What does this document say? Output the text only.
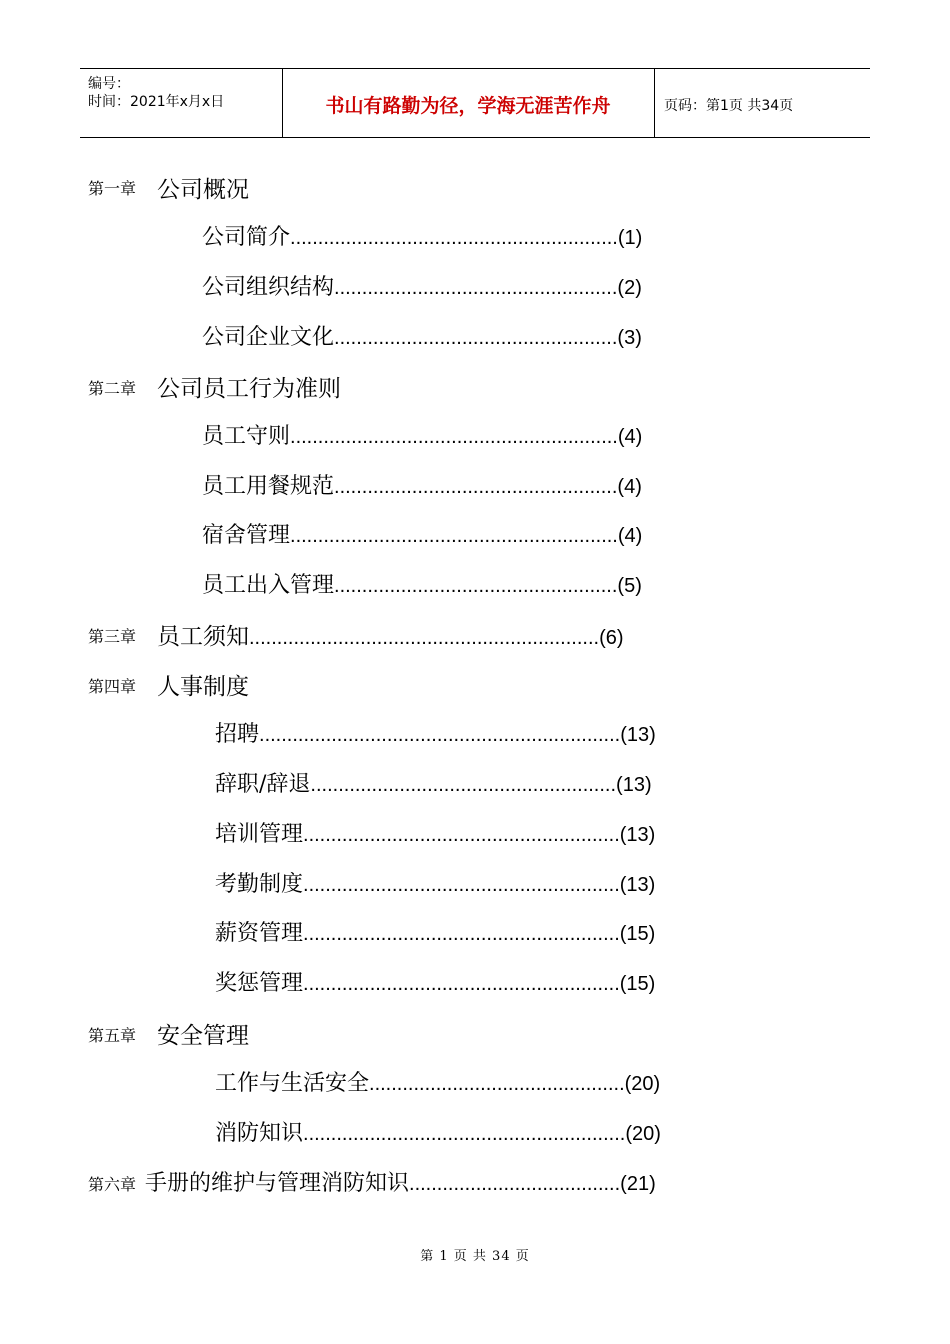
编号：
时间：2021年x月x日	书山有路勤为径，学海无涯苦作舟	页码：第1页 共34页
第一章 公司概况
公司简介...........................................................(1)
公司组织结构...................................................(2)
公司企业文化...................................................(3)
第二章 公司员工行为准则
员工守则...........................................................(4)
员工用餐规范...................................................(4)
宿舍管理...........................................................(4)
员工出入管理...................................................(5)
第三章 员工须知...............................................................(6)
第四章 人事制度
招聘.................................................................(13)
辞职/辞退.......................................................(13)
培训管理.........................................................(13)
考勤制度.........................................................(13)
薪资管理.........................................................(15)
奖惩管理.........................................................(15)
第五章 安全管理
工作与生活安全..............................................(20)
消防知识..........................................................(20)
第六章 手册的维护与管理消防知识......................................(21)
第 1 页 共 34 页
